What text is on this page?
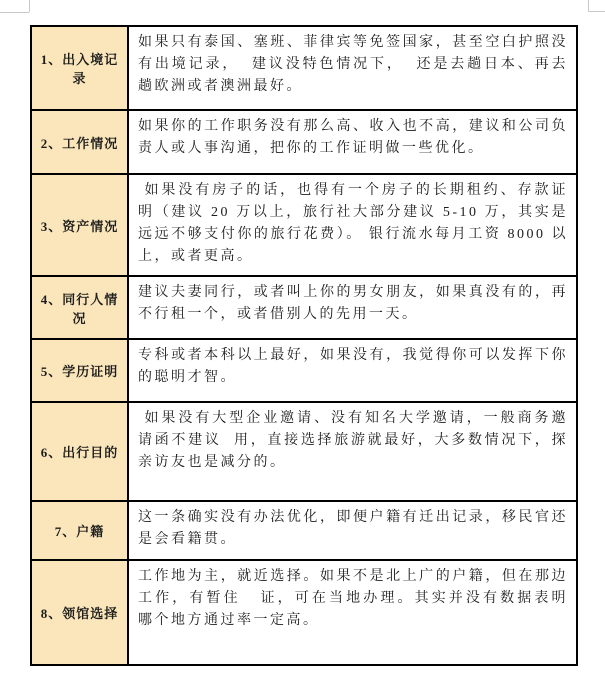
1、出入境记录
如果只有泰国、塞班、菲律宾等免签国家，甚至空白护照没有出境记录，  建议没特色情况下，  还是去趟日本、再去趟欧洲或者澳洲最好。
2、工作情况
如果你的工作职务没有那么高、收入也不高，建议和公司负责人或人事沟通，把你的工作证明做一些优化。
3、资产情况
如果没有房子的话，也得有一个房子的长期租约、存款证明（建议 20 万以上，旅行社大部分建议 5-10 万，其实是远远不够支付你的旅行花费）。 银行流水每月工资 8000 以上，或者更高。
4、同行人情况
建议夫妻同行，或者叫上你的男女朋友，如果真没有的，再不行租一个，或者借别人的先用一天。
5、学历证明
专科或者本科以上最好，如果没有，我觉得你可以发挥下你的聪明才智。
6、出行目的
如果没有大型企业邀请、没有知名大学邀请，一般商务邀请函不建议  用，直接选择旅游就最好，大多数情况下，探亲访友也是减分的。
7、户籍
这一条确实没有办法优化，即便户籍有迁出记录，移民官还是会看籍贯。
8、领馆选择
工作地为主，就近选择。如果不是北上广的户籍，但在那边工作，有暂住   证，可在当地办理。其实并没有数据表明哪个地方通过率一定高。
